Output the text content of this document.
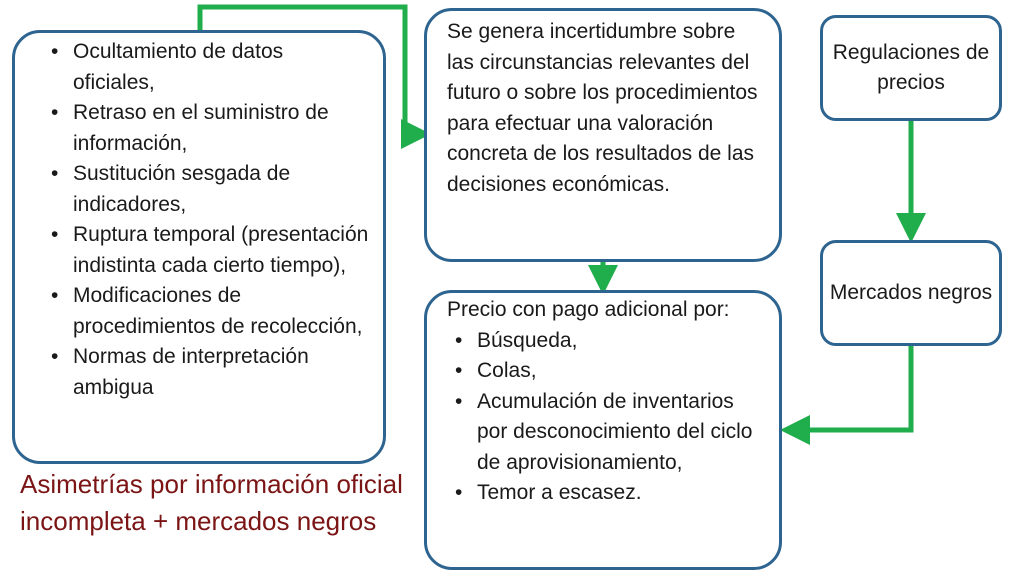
• Ocultamiento de datos oficiales,
• Retraso en el suministro de información,
• Sustitución sesgada de indicadores,
• Ruptura temporal (presentación indistinta cada cierto tiempo),
• Modificaciones de procedimientos de recolección,
• Normas de interpretación ambigua
Se genera incertidumbre sobre las circunstancias relevantes del futuro o sobre los procedimientos para efectuar una valoración concreta de los resultados de las decisiones económicas.
Precio con pago adicional por:
• Búsqueda,
• Colas,
• Acumulación de inventarios por desconocimiento del ciclo de aprovisionamiento,
• Temor a escasez.
Regulaciones de precios
Mercados negros
Asimetrías por información oficial incompleta + mercados negros
